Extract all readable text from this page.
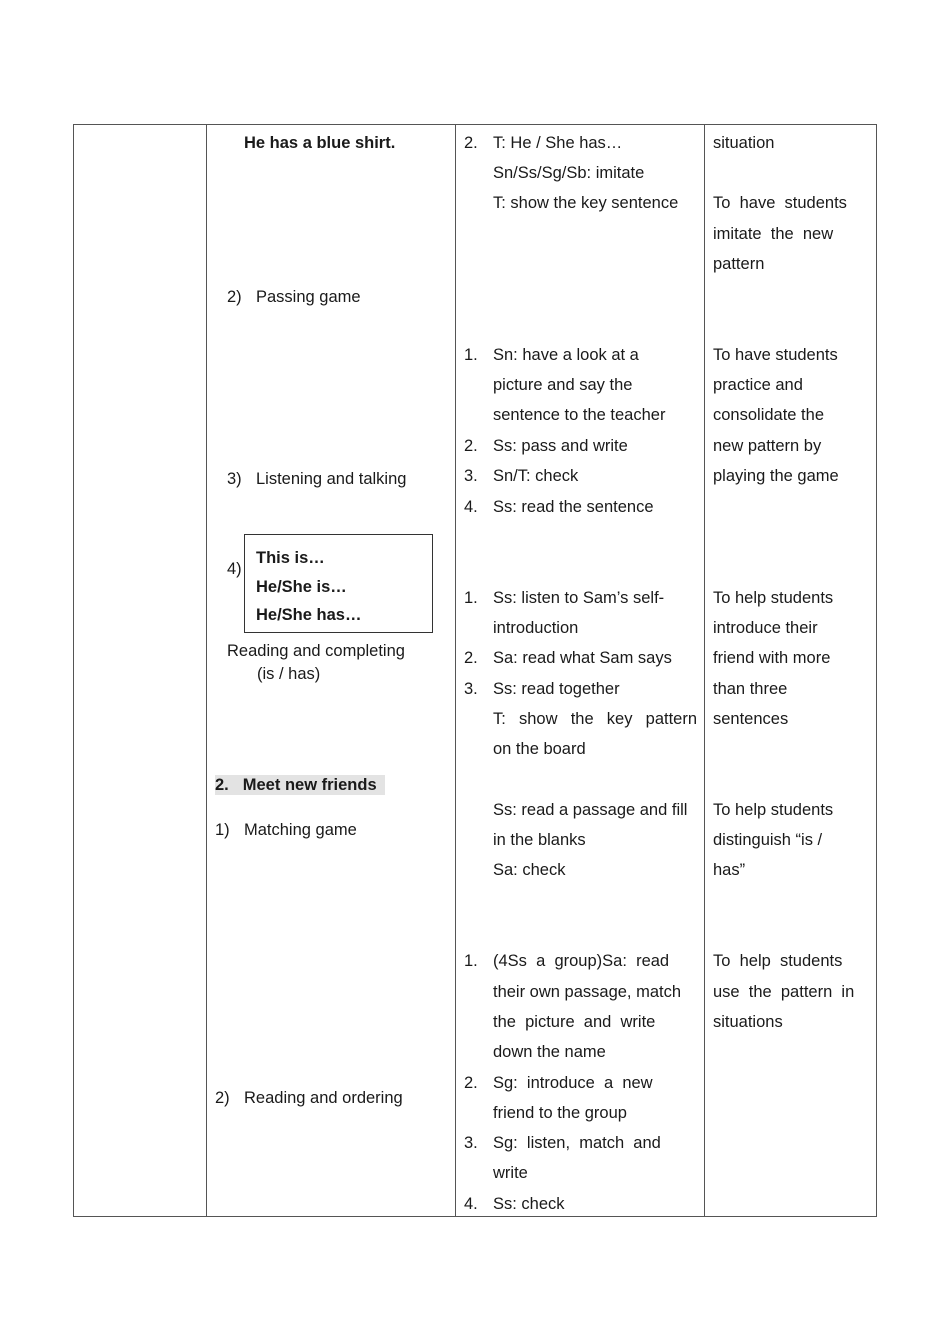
He has a blue shirt.
2) Passing game
3) Listening and talking
4)
This is…
He/She is…
He/She has…
Reading and completing
(is / has)
2. Meet new friends
1) Matching game
2) Reading and ordering
2. T: He / She has…
Sn/Ss/Sg/Sb: imitate
T: show the key sentence
1.
2.
3.
4.
Sn: have a look at a
picture and say the
sentence to the teacher
Ss: pass and write
Sn/T: check
Ss: read the sentence
1.
2.
3.
Ss: listen to Sam’s self-
introduction
Sa: read what Sam says
Ss: read together
T:  show  the  key  pattern
on the board
Ss: read a passage and fill
in the blanks
Sa: check
1.
2.
3.
4.
(4Ss  a  group)Sa:  read
their own passage, match
the  picture  and  write
down the name
Sg:  introduce  a  new
friend to the group
Sg:  listen,  match  and
write
Ss: check
situation
To  have  students
imitate  the  new
pattern
To have students
practice and
consolidate the
new pattern by
playing the game
To help students
introduce their
friend with more
than three
sentences
To help students
distinguish “is /
has”
To  help  students
use  the  pattern  in
situations
